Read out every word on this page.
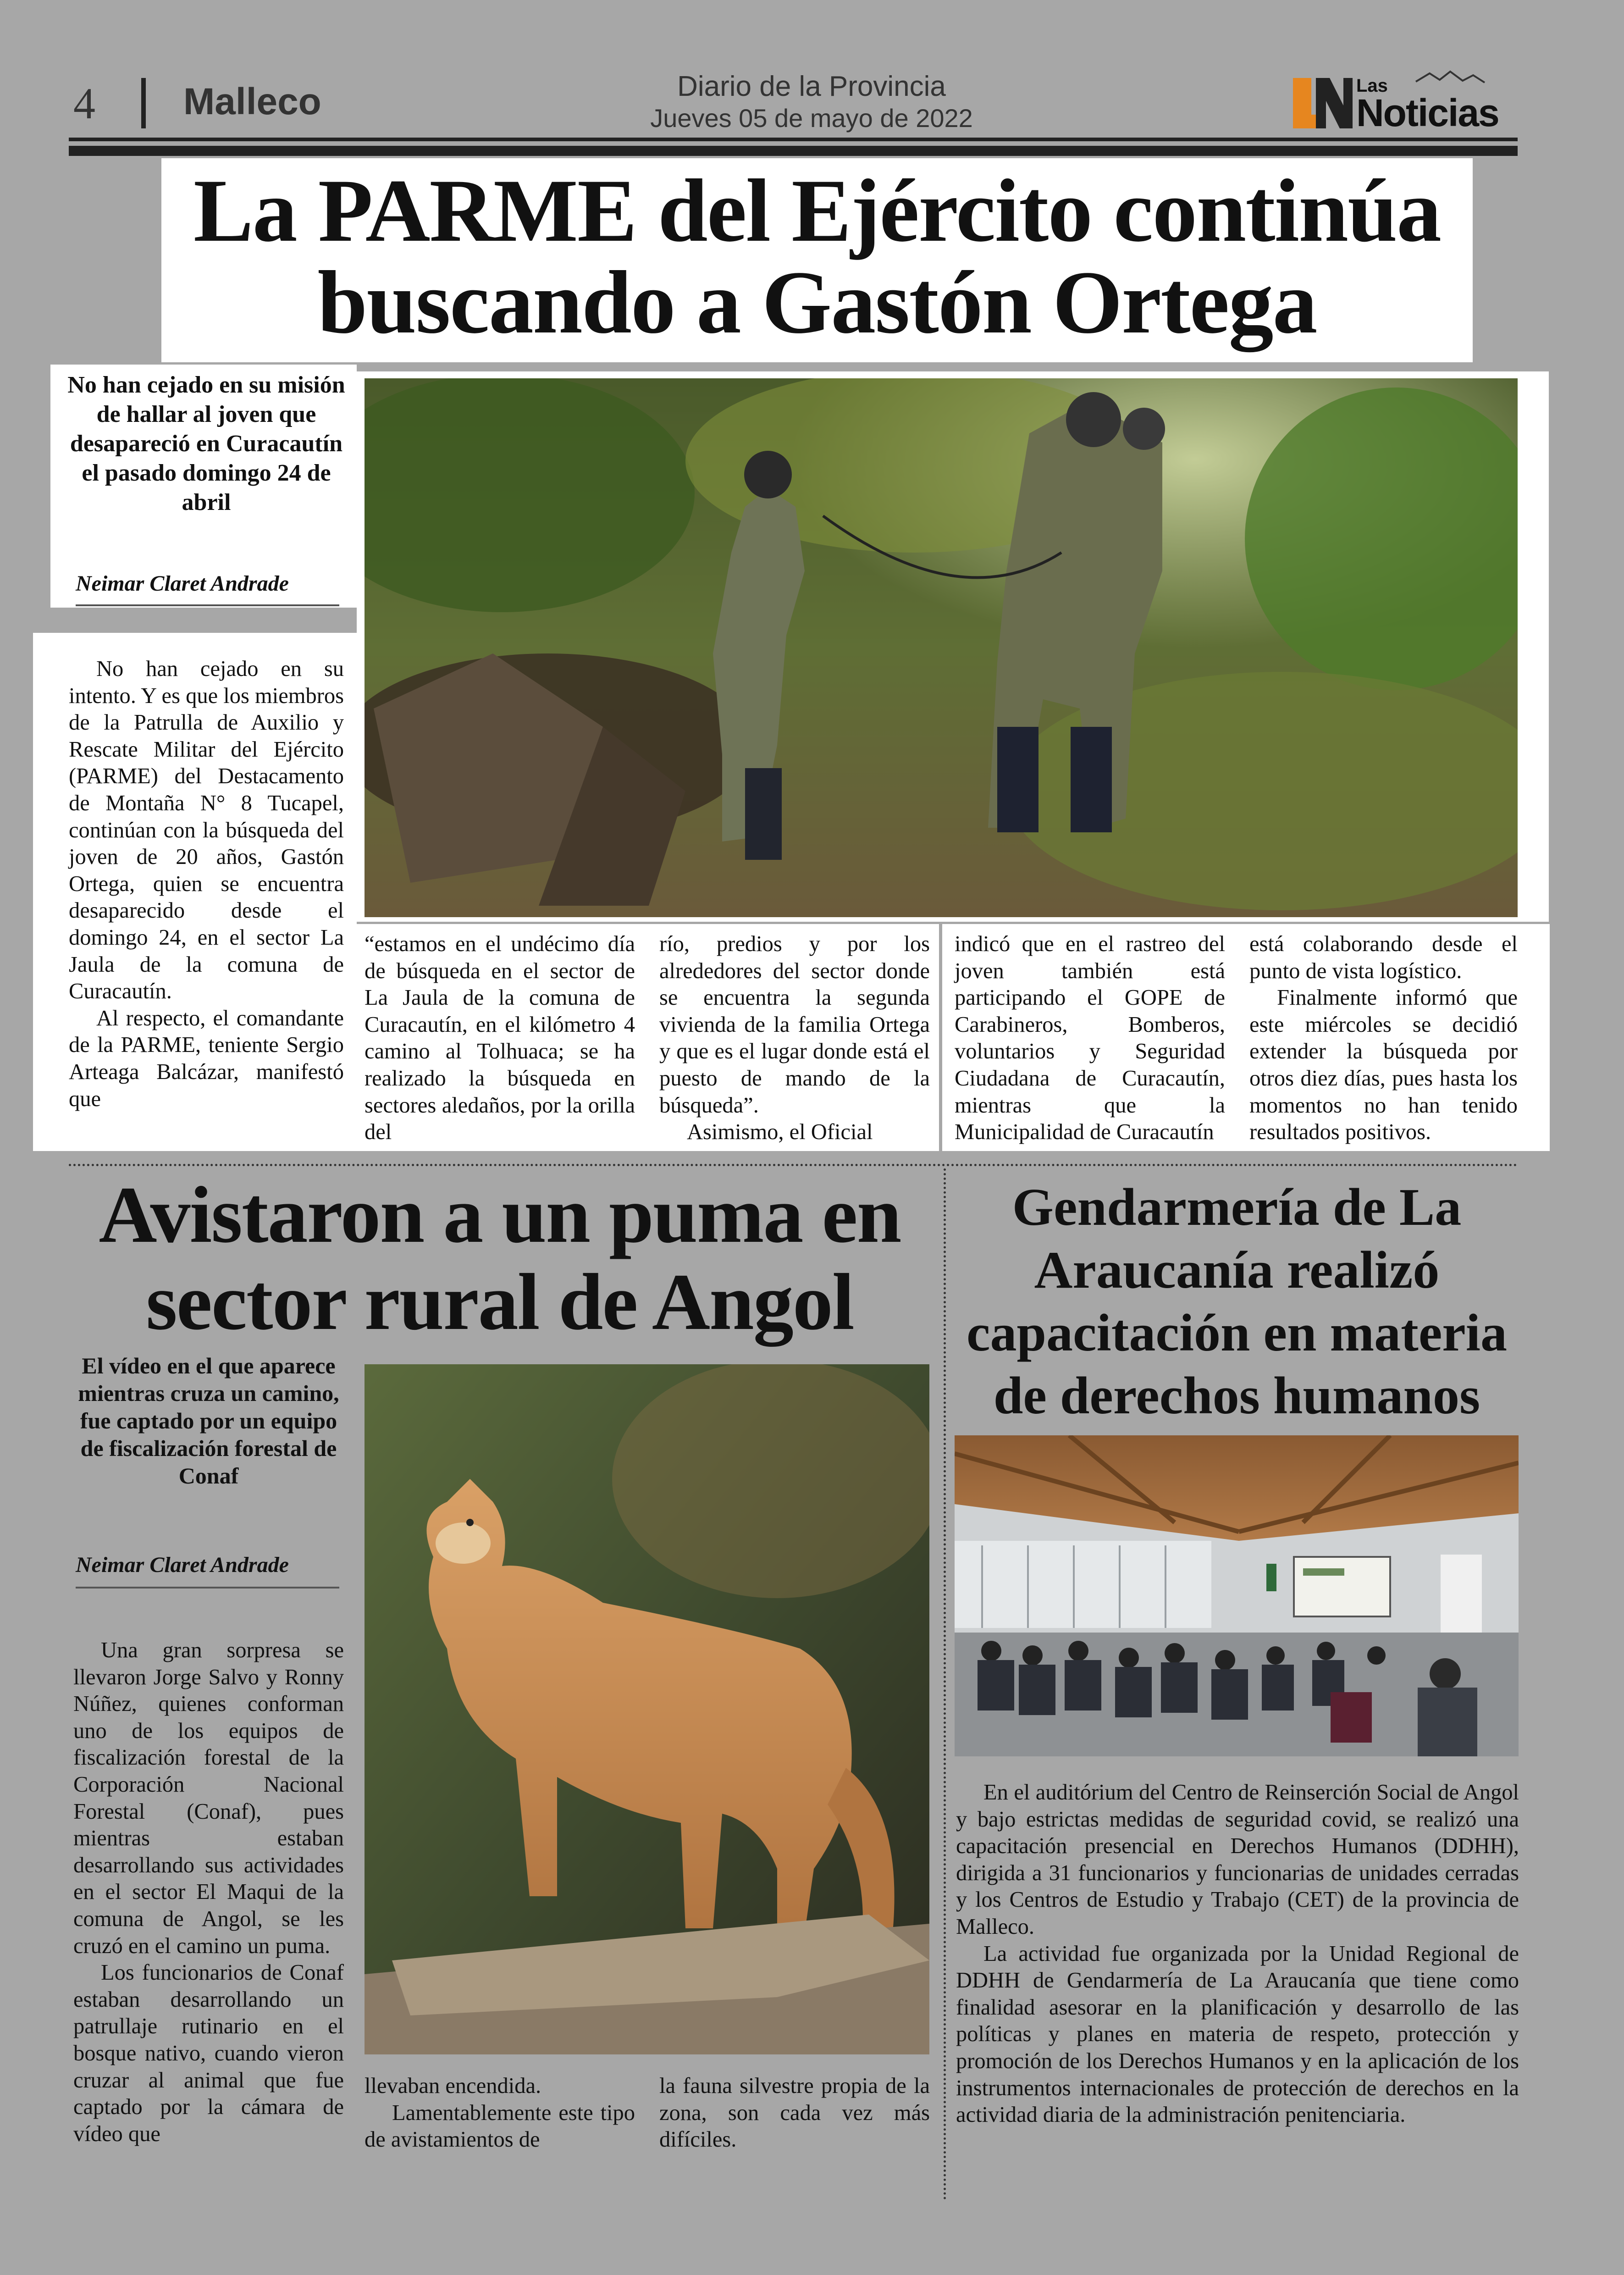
4 Malleco	Diario de la Provincia
Jueves 05 de mayo de 2022
Las
Noticias
La PARME del Ejército continúa
buscando a Gastón Ortega
No han cejado en su misión de hallar al joven que desapareció en Curacautín el pasado domingo 24 de abril
Neimar Claret Andrade

No han cejado en su intento. Y es que los miembros de la Patrulla de Auxilio y Rescate Militar del Ejército (PARME) del Destacamento de Montaña N° 8 Tucapel, continúan con la búsqueda del joven de 20 años, Gastón Ortega, quien se encuentra desaparecido desde el domingo 24, en el sector La Jaula de la comuna de Curacautín.

Al respecto, el comandante de la PARME, teniente Sergio Arteaga Balcázar, manifestó que

“estamos en el undécimo día de búsqueda en el sector de La Jaula de la comuna de Curacautín, en el kilómetro 4 camino al Tolhuaca; se ha realizado la búsqueda en sectores aledaños, por la orilla del

río, predios y por los alrededores del sector donde se encuentra la segunda vivienda de la familia Ortega y que es el lugar donde está el puesto de mando de la búsqueda”.

Asimismo, el Oficial

indicó que en el rastreo del joven también está participando el GOPE de Carabineros, Bomberos, voluntarios y Seguridad Ciudadana de Curacautín, mientras que la Municipalidad de Curacautín

está colaborando desde el punto de vista logístico.

Finalmente informó que este miércoles se decidió extender la búsqueda por otros diez días, pues hasta los momentos no han tenido resultados positivos.

Avistaron a un puma en
sector rural de Angol
El vídeo en el que aparece mientras cruza un camino, fue captado por un equipo de fiscalización forestal de Conaf
Neimar Claret Andrade

Una gran sorpresa se llevaron Jorge Salvo y Ronny Núñez, quienes conforman uno de los equipos de fiscalización forestal de la Corporación Nacional Forestal (Conaf), pues mientras estaban desarrollando sus actividades en el sector El Maqui de la comuna de Angol, se les cruzó en el camino un puma.

Los funcionarios de Conaf estaban desarrollando un patrullaje rutinario en el bosque nativo, cuando vieron cruzar al animal que fue captado por la cámara de vídeo que

llevaban encendida.

Lamentablemente este tipo de avistamientos de

la fauna silvestre propia de la zona, son cada vez más difíciles.

Gendarmería de La Araucanía realizó capacitación en materia de derechos humanos

En el auditórium del Centro de Reinserción Social de Angol y bajo estrictas medidas de seguridad covid, se realizó una capacitación presencial en Derechos Humanos (DDHH), dirigida a 31 funcionarios y funcionarias de unidades cerradas y los Centros de Estudio y Trabajo (CET) de la provincia de Malleco.

La actividad fue organizada por la Unidad Regional de DDHH de Gendarmería de La Araucanía que tiene como finalidad asesorar en la planificación y desarrollo de las políticas y planes en materia de respeto, protección y promoción de los Derechos Humanos y en la aplicación de los instrumentos internacionales de protección de derechos en la actividad diaria de la administración penitenciaria.
